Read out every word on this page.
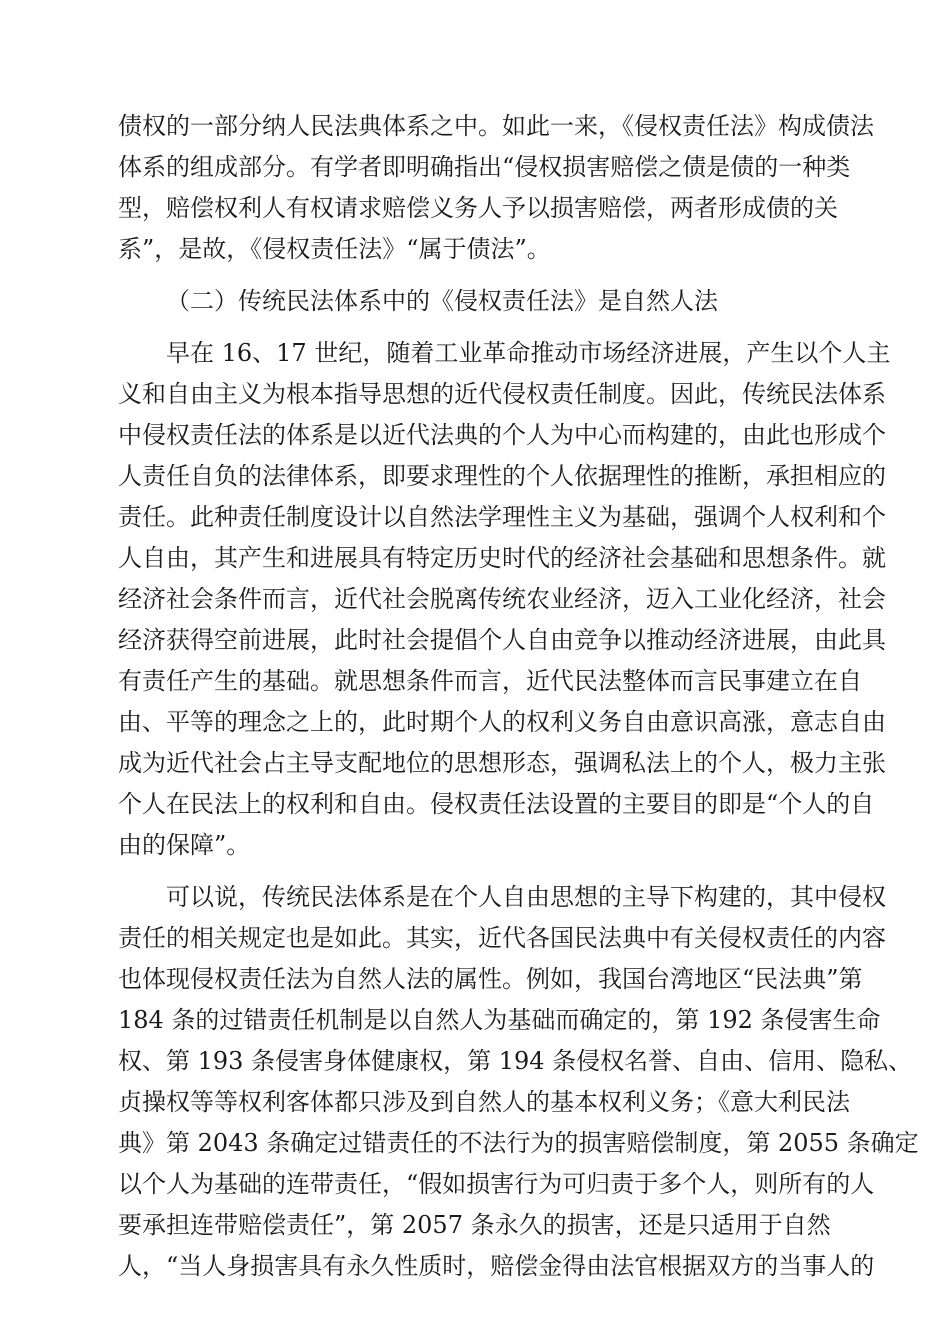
债权的一部分纳人民法典体系之中。如此一来，《侵权责任法》构成债法
体系的组成部分。有学者即明确指出“侵权损害赔偿之债是债的一种类
型，赔偿权利人有权请求赔偿义务人予以损害赔偿，两者形成债的关
系”，是故，《侵权责任法》“属于债法”。
（二）传统民法体系中的《侵权责任法》是自然人法
早在 16、17 世纪，随着工业革命推动市场经济进展，产生以个人主
义和自由主义为根本指导思想的近代侵权责任制度。因此，传统民法体系
中侵权责任法的体系是以近代法典的个人为中心而构建的，由此也形成个
人责任自负的法律体系，即要求理性的个人依据理性的推断，承担相应的
责任。此种责任制度设计以自然法学理性主义为基础，强调个人权利和个
人自由，其产生和进展具有特定历史时代的经济社会基础和思想条件。就
经济社会条件而言，近代社会脱离传统农业经济，迈入工业化经济，社会
经济获得空前进展，此时社会提倡个人自由竞争以推动经济进展，由此具
有责任产生的基础。就思想条件而言，近代民法整体而言民事建立在自
由、平等的理念之上的，此时期个人的权利义务自由意识高涨，意志自由
成为近代社会占主导支配地位的思想形态，强调私法上的个人，极力主张
个人在民法上的权利和自由。侵权责任法设置的主要目的即是“个人的自
由的保障”。
可以说，传统民法体系是在个人自由思想的主导下构建的，其中侵权
责任的相关规定也是如此。其实，近代各国民法典中有关侵权责任的内容
也体现侵权责任法为自然人法的属性。例如，我国台湾地区“民法典”第
184 条的过错责任机制是以自然人为基础而确定的，第 192 条侵害生命
权、第 193 条侵害身体健康权，第 194 条侵权名誉、自由、信用、隐私、
贞操权等等权利客体都只涉及到自然人的基本权利义务；《意大利民法
典》第 2043 条确定过错责任的不法行为的损害赔偿制度，第 2055 条确定
以个人为基础的连带责任，“假如损害行为可归责于多个人，则所有的人
要承担连带赔偿责任”，第 2057 条永久的损害，还是只适用于自然
人，“当人身损害具有永久性质时，赔偿金得由法官根据双方的当事人的
